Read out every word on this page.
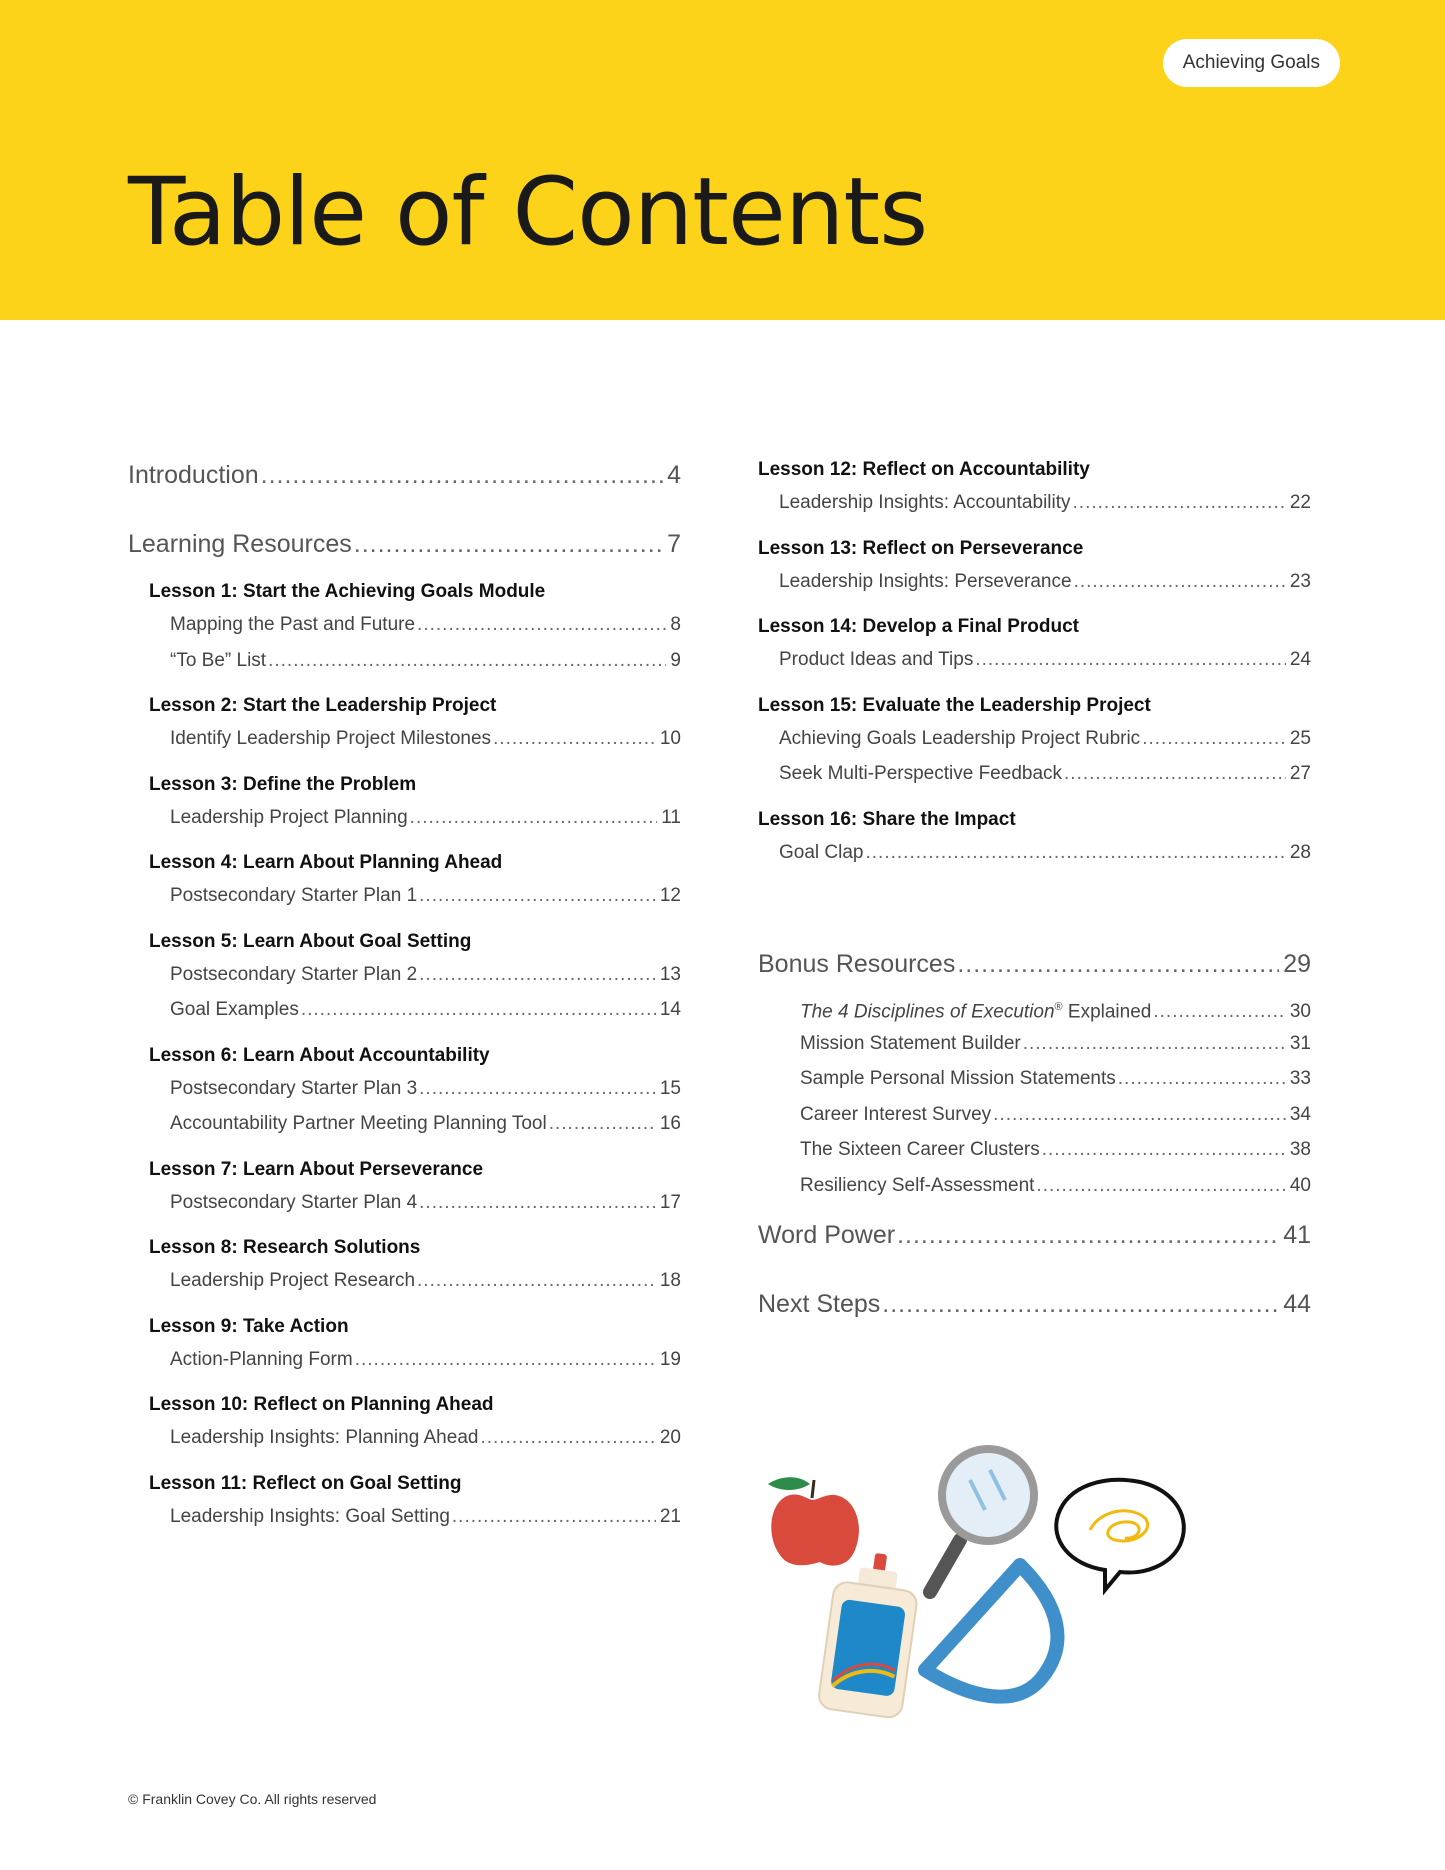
Achieving Goals
Table of Contents
Introduction .....	4
Learning Resources .....	7
Lesson 1: Start the Achieving Goals Module
Mapping the Past and Future .....	8
“To Be” List .....	9
Lesson 2: Start the Leadership Project
Identify Leadership Project Milestones .....	10
Lesson 3: Define the Problem
Leadership Project Planning .....	11
Lesson 4: Learn About Planning Ahead
Postsecondary Starter Plan 1 .....	12
Lesson 5: Learn About Goal Setting
Postsecondary Starter Plan 2 .....	13
Goal Examples .....	14
Lesson 6: Learn About Accountability
Postsecondary Starter Plan 3 .....	15
Accountability Partner Meeting Planning Tool .....	16
Lesson 7: Learn About Perseverance
Postsecondary Starter Plan 4 .....	17
Lesson 8: Research Solutions
Leadership Project Research .....	18
Lesson 9: Take Action
Action-Planning Form .....	19
Lesson 10: Reflect on Planning Ahead
Leadership Insights: Planning Ahead .....	20
Lesson 11: Reflect on Goal Setting
Leadership Insights: Goal Setting .....	21
Lesson 12: Reflect on Accountability
Leadership Insights: Accountability .....	22
Lesson 13: Reflect on Perseverance
Leadership Insights: Perseverance .....	23
Lesson 14: Develop a Final Product
Product Ideas and Tips .....	24
Lesson 15: Evaluate the Leadership Project
Achieving Goals Leadership Project Rubric .....	25
Seek Multi-Perspective Feedback .....	27
Lesson 16: Share the Impact
Goal Clap .....	28
Bonus Resources .....	29
The 4 Disciplines of Execution® Explained .....	30
Mission Statement Builder .....	31
Sample Personal Mission Statements .....	33
Career Interest Survey .....	34
The Sixteen Career Clusters .....	38
Resiliency Self-Assessment .....	40
Word Power .....	41
Next Steps .....	44
© Franklin Covey Co. All rights reserved
